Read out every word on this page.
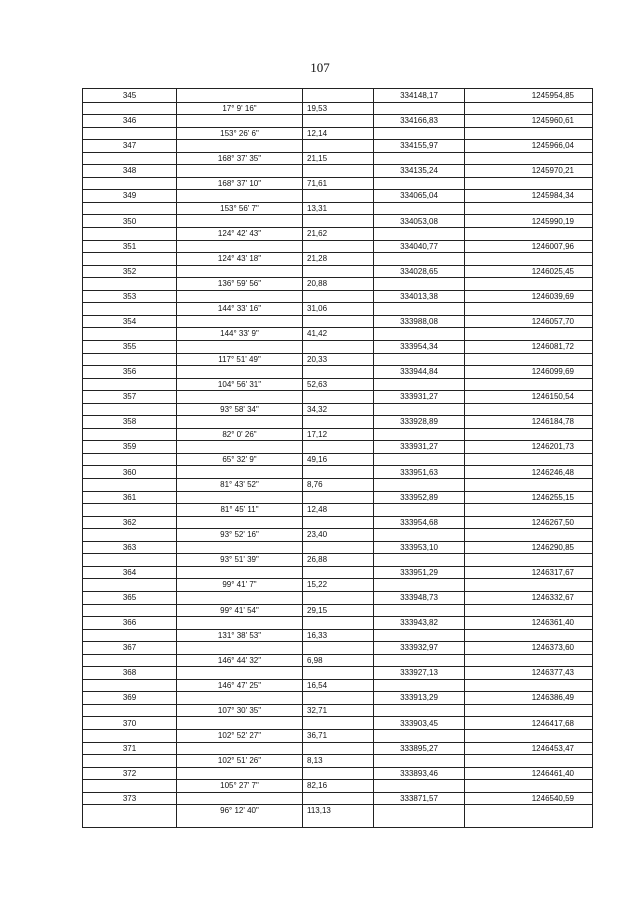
107
345	334148,17	1245954,85
17° 9' 16"	19,53
346	334166,83	1245960,61
153° 26' 6"	12,14
347	334155,97	1245966,04
168° 37' 35"	21,15
348	334135,24	1245970,21
168° 37' 10"	71,61
349	334065,04	1245984,34
153° 56' 7"	13,31
350	334053,08	1245990,19
124° 42' 43"	21,62
351	334040,77	1246007,96
124° 43' 18"	21,28
352	334028,65	1246025,45
136° 59' 56"	20,88
353	334013,38	1246039,69
144° 33' 16"	31,06
354	333988,08	1246057,70
144° 33' 9"	41,42
355	333954,34	1246081,72
117° 51' 49"	20,33
356	333944,84	1246099,69
104° 56' 31"	52,63
357	333931,27	1246150,54
93° 58' 34"	34,32
358	333928,89	1246184,78
82° 0' 26"	17,12
359	333931,27	1246201,73
65° 32' 9"	49,16
360	333951,63	1246246,48
81° 43' 52"	8,76
361	333952,89	1246255,15
81° 45' 11"	12,48
362	333954,68	1246267,50
93° 52' 16"	23,40
363	333953,10	1246290,85
93° 51' 39"	26,88
364	333951,29	1246317,67
99° 41' 7"	15,22
365	333948,73	1246332,67
99° 41' 54"	29,15
366	333943,82	1246361,40
131° 38' 53"	16,33
367	333932,97	1246373,60
146° 44' 32"	6,98
368	333927,13	1246377,43
146° 47' 25"	16,54
369	333913,29	1246386,49
107° 30' 35"	32,71
370	333903,45	1246417,68
102° 52' 27"	36,71
371	333895,27	1246453,47
102° 51' 26"	8,13
372	333893,46	1246461,40
105° 27' 7"	82,16
373	333871,57	1246540,59
96° 12' 40"	113,13
